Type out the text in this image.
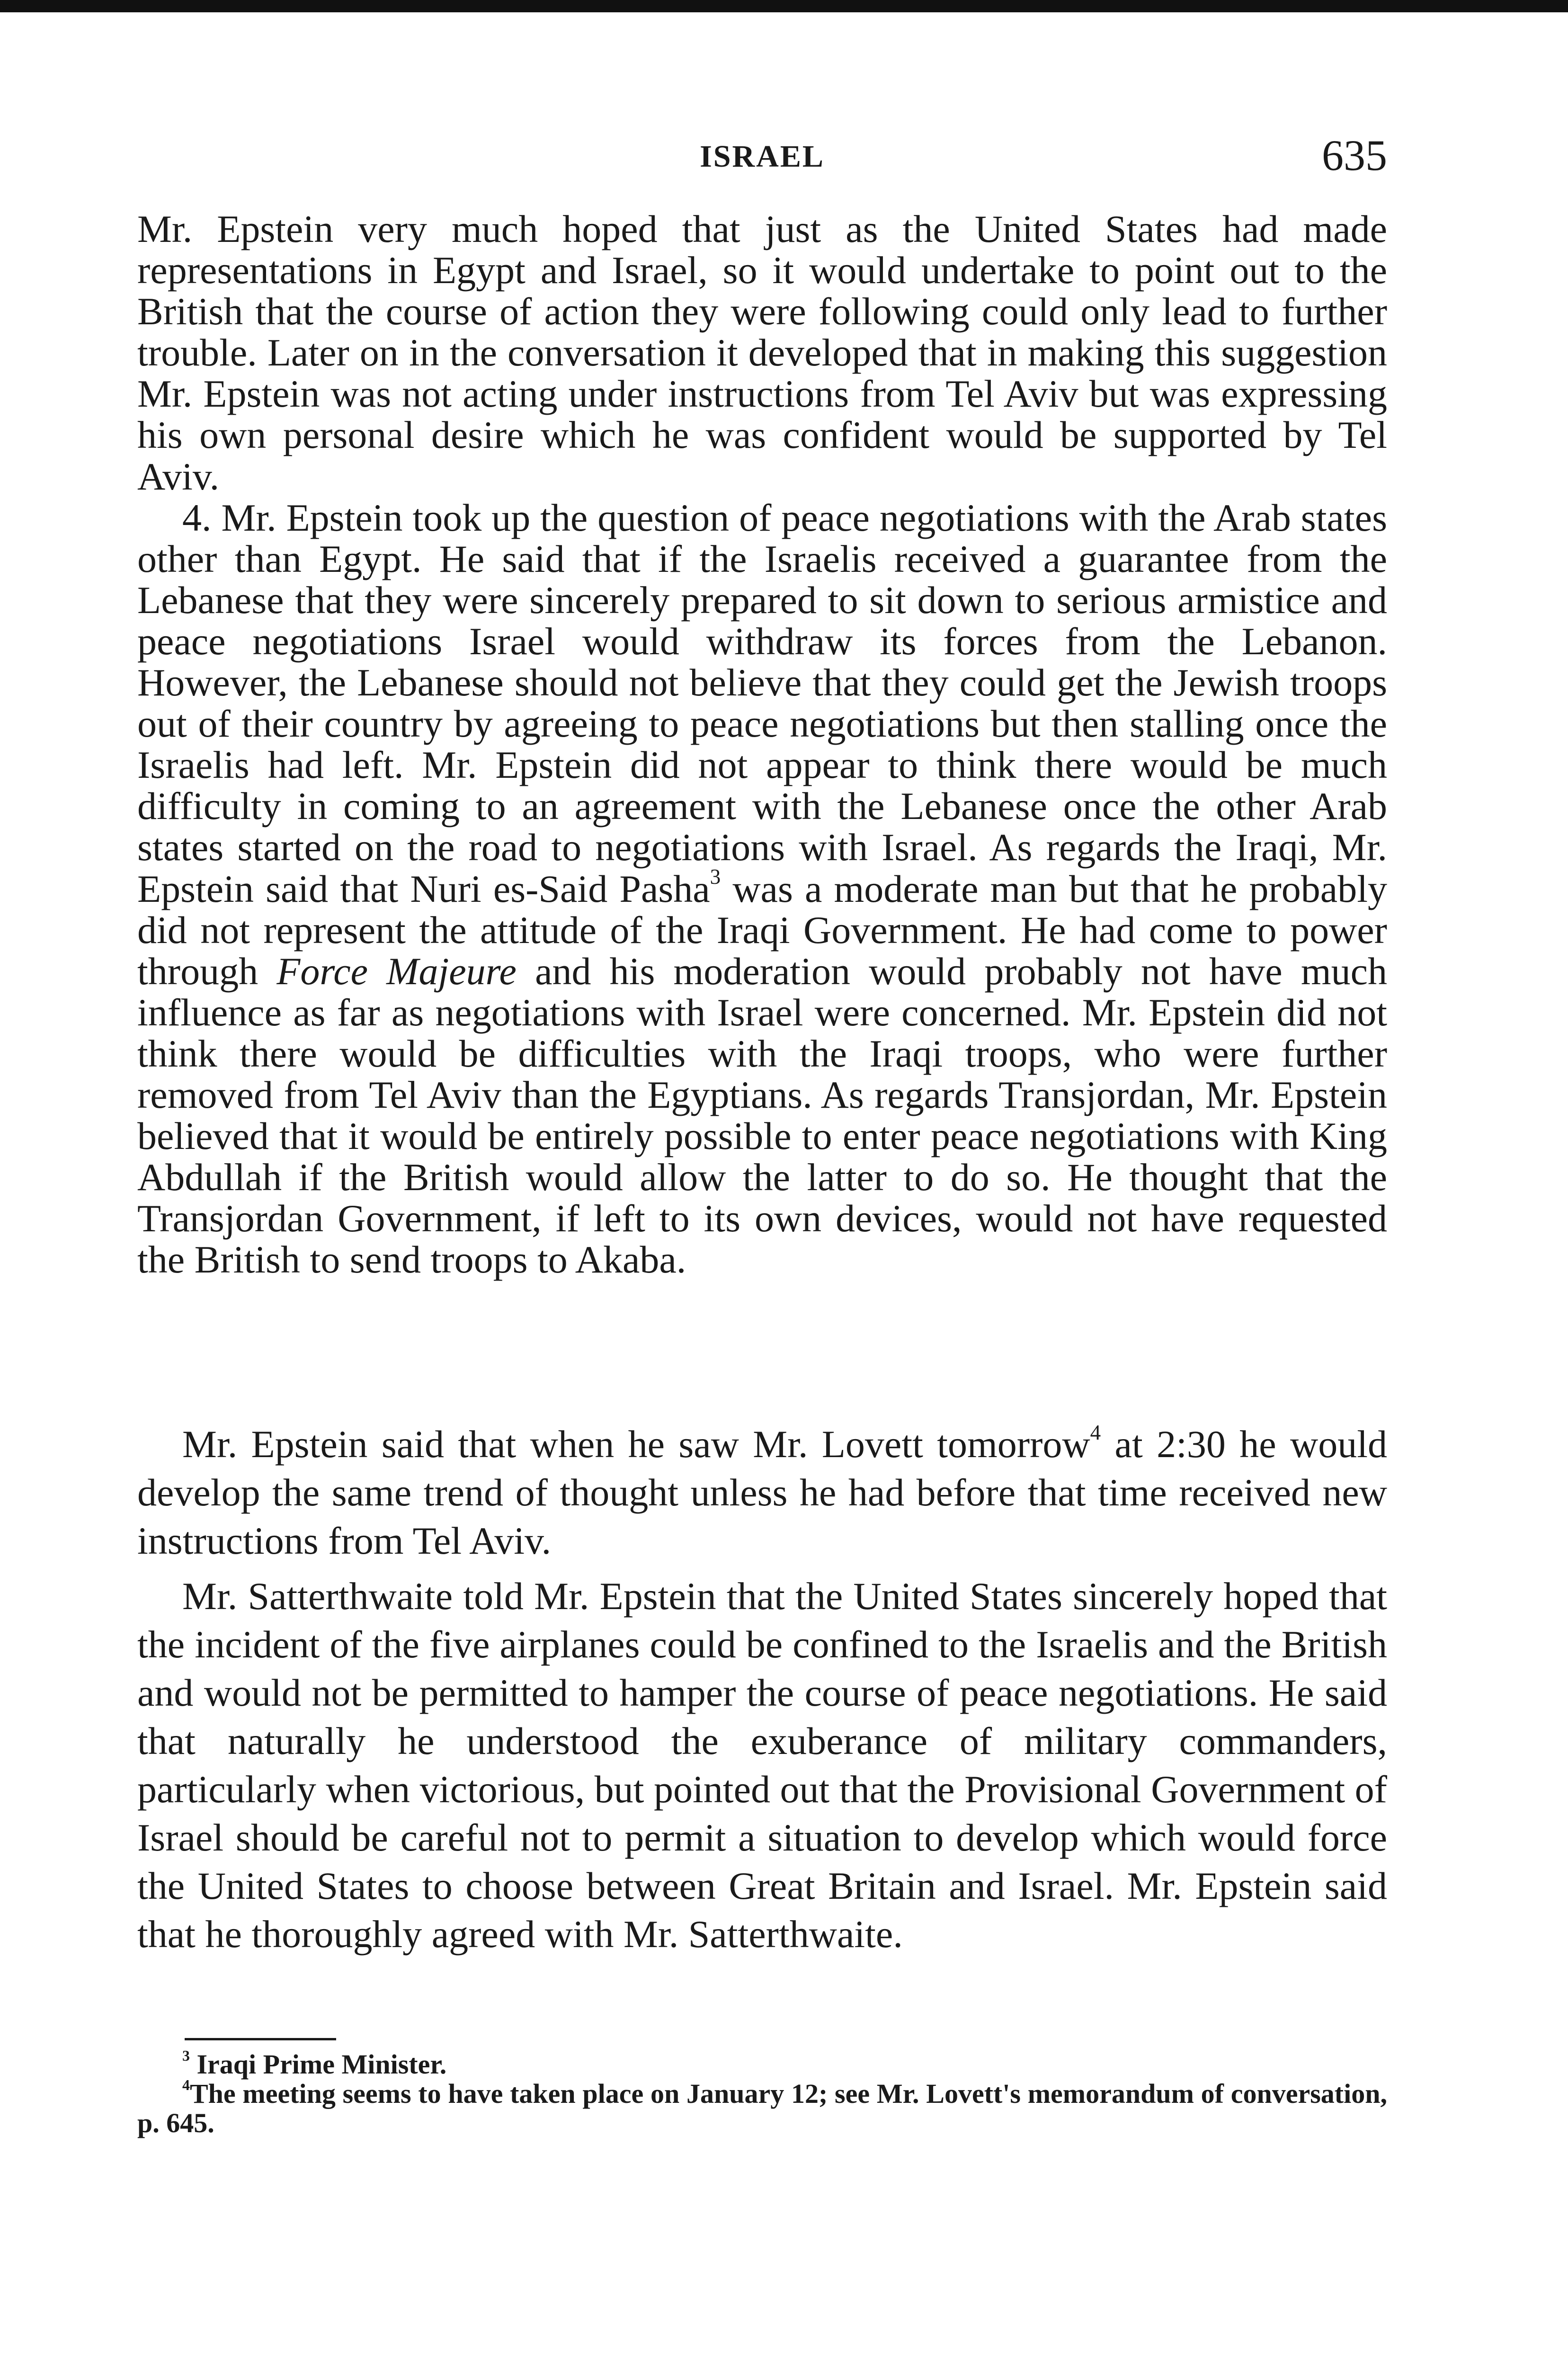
ISRAEL	635

Mr. Epstein very much hoped that just as the United States had made representations in Egypt and Israel, so it would undertake to point out to the British that the course of action they were following could only lead to further trouble. Later on in the conversation it developed that in making this suggestion Mr. Epstein was not acting under instructions from Tel Aviv but was expressing his own personal desire which he was confident would be supported by Tel Aviv.

4. Mr. Epstein took up the question of peace negotiations with the Arab states other than Egypt. He said that if the Israelis received a guarantee from the Lebanese that they were sincerely prepared to sit down to serious armistice and peace negotiations Israel would withdraw its forces from the Lebanon. However, the Lebanese should not believe that they could get the Jewish troops out of their country by agreeing to peace negotiations but then stalling once the Israelis had left. Mr. Epstein did not appear to think there would be much difficulty in coming to an agreement with the Lebanese once the other Arab states started on the road to negotiations with Israel. As regards the Iraqi, Mr. Epstein said that Nuri es-Said Pasha$^3$ was a moderate man but that he probably did not represent the attitude of the Iraqi Government. He had come to power through Force Majeure and his moderation would probably not have much influence as far as negotiations with Israel were concerned. Mr. Epstein did not think there would be difficulties with the Iraqi troops, who were further removed from Tel Aviv than the Egyptians. As regards Transjordan, Mr. Epstein believed that it would be entirely possible to enter peace negotiations with King Abdullah if the British would allow the latter to do so. He thought that the Transjordan Government, if left to its own devices, would not have requested the British to send troops to Akaba.

Mr. Epstein said that when he saw Mr. Lovett tomorrow$^4$ at 2:30 he would develop the same trend of thought unless he had before that time received new instructions from Tel Aviv.

Mr. Satterthwaite told Mr. Epstein that the United States sincerely hoped that the incident of the five airplanes could be confined to the Israelis and the British and would not be permitted to hamper the course of peace negotiations. He said that naturally he understood the exuberance of military commanders, particularly when victorious, but pointed out that the Provisional Government of Israel should be careful not to permit a situation to develop which would force the United States to choose between Great Britain and Israel. Mr. Epstein said that he thoroughly agreed with Mr. Satterthwaite.

$^3$ Iraqi Prime Minister.

$^4$The meeting seems to have taken place on January 12; see Mr. Lovett's memorandum of conversation, p. 645.
